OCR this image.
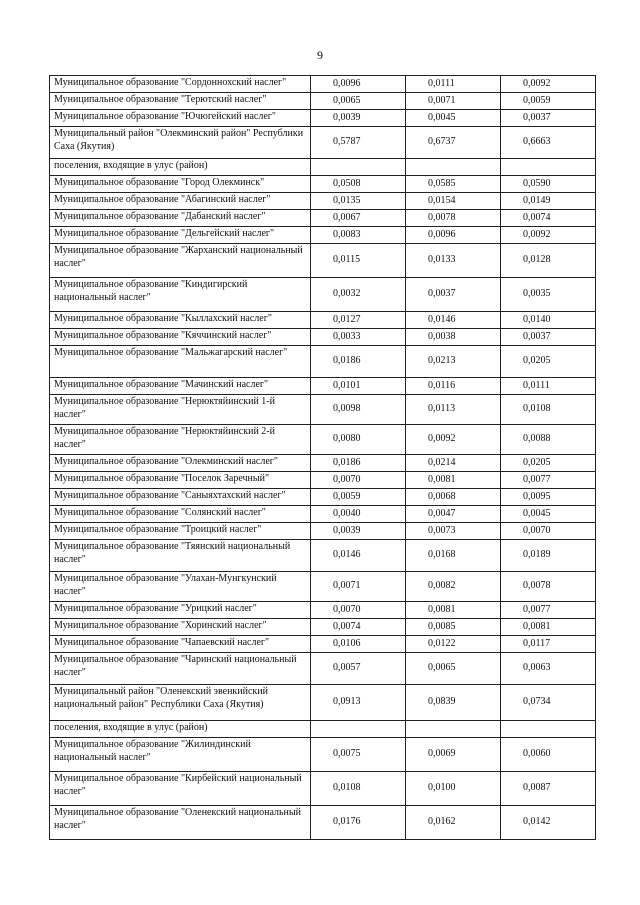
9
Муниципальное образование "Сордоннохский наслег"	0,0096	0,0111	0,0092
Муниципальное образование "Терютский наслег"	0,0065	0,0071	0,0059
Муниципальное образование "Ючюгейский наслег"	0,0039	0,0045	0,0037
Муниципальный район "Олекминский район" Республики Саха (Якутия)	0,5787	0,6737	0,6663
поселения, входящие в улус (район)			
Муниципальное образование "Город Олекминск"	0,0508	0,0585	0,0590
Муниципальное образование "Абагинский наслег"	0,0135	0,0154	0,0149
Муниципальное образование "Дабанский наслег"	0,0067	0,0078	0,0074
Муниципальное образование "Дельгейский наслег"	0,0083	0,0096	0,0092
Муниципальное образование "Жарханский национальный наслег"	0,0115	0,0133	0,0128
Муниципальное образование "Киндигирский национальный наслег"	0,0032	0,0037	0,0035
Муниципальное образование "Кыллахский наслег"	0,0127	0,0146	0,0140
Муниципальное образование "Кяччинский наслег"	0,0033	0,0038	0,0037
Муниципальное образование "Мальжагарский наслег"	0,0186	0,0213	0,0205
Муниципальное образование "Мачинский наслег"	0,0101	0,0116	0,0111
Муниципальное образование "Нерюктяйинский 1-й наслег"	0,0098	0,0113	0,0108
Муниципальное образование "Нерюктяйинский 2-й наслег"	0,0080	0,0092	0,0088
Муниципальное образование "Олекминский наслег"	0,0186	0,0214	0,0205
Муниципальное образование "Поселок Заречный"	0,0070	0,0081	0,0077
Муниципальное образование "Саныяхтахский наслег"	0,0059	0,0068	0,0095
Муниципальное образование "Солянский наслег"	0,0040	0,0047	0,0045
Муниципальное образование "Троицкий наслег"	0,0039	0,0073	0,0070
Муниципальное образование "Тяянский национальный наслег"	0,0146	0,0168	0,0189
Муниципальное образование "Улахан-Мунгкунский наслег"	0,0071	0,0082	0,0078
Муниципальное образование "Урицкий наслег"	0,0070	0,0081	0,0077
Муниципальное образование "Хоринский наслег"	0,0074	0,0085	0,0081
Муниципальное образование "Чапаевский наслег"	0,0106	0,0122	0,0117
Муниципальное образование "Чаринский национальный наслег"	0,0057	0,0065	0,0063
Муниципальный район "Оленекский эвенкийский национальный район" Республики Саха (Якутия)	0,0913	0,0839	0,0734
поселения, входящие в улус (район)			
Муниципальное образование "Жилиндинский национальный наслег"	0,0075	0,0069	0,0060
Муниципальное образование "Кирбейский национальный наслег"	0,0108	0,0100	0,0087
Муниципальное образование "Оленекский национальный наслег"	0,0176	0,0162	0,0142
